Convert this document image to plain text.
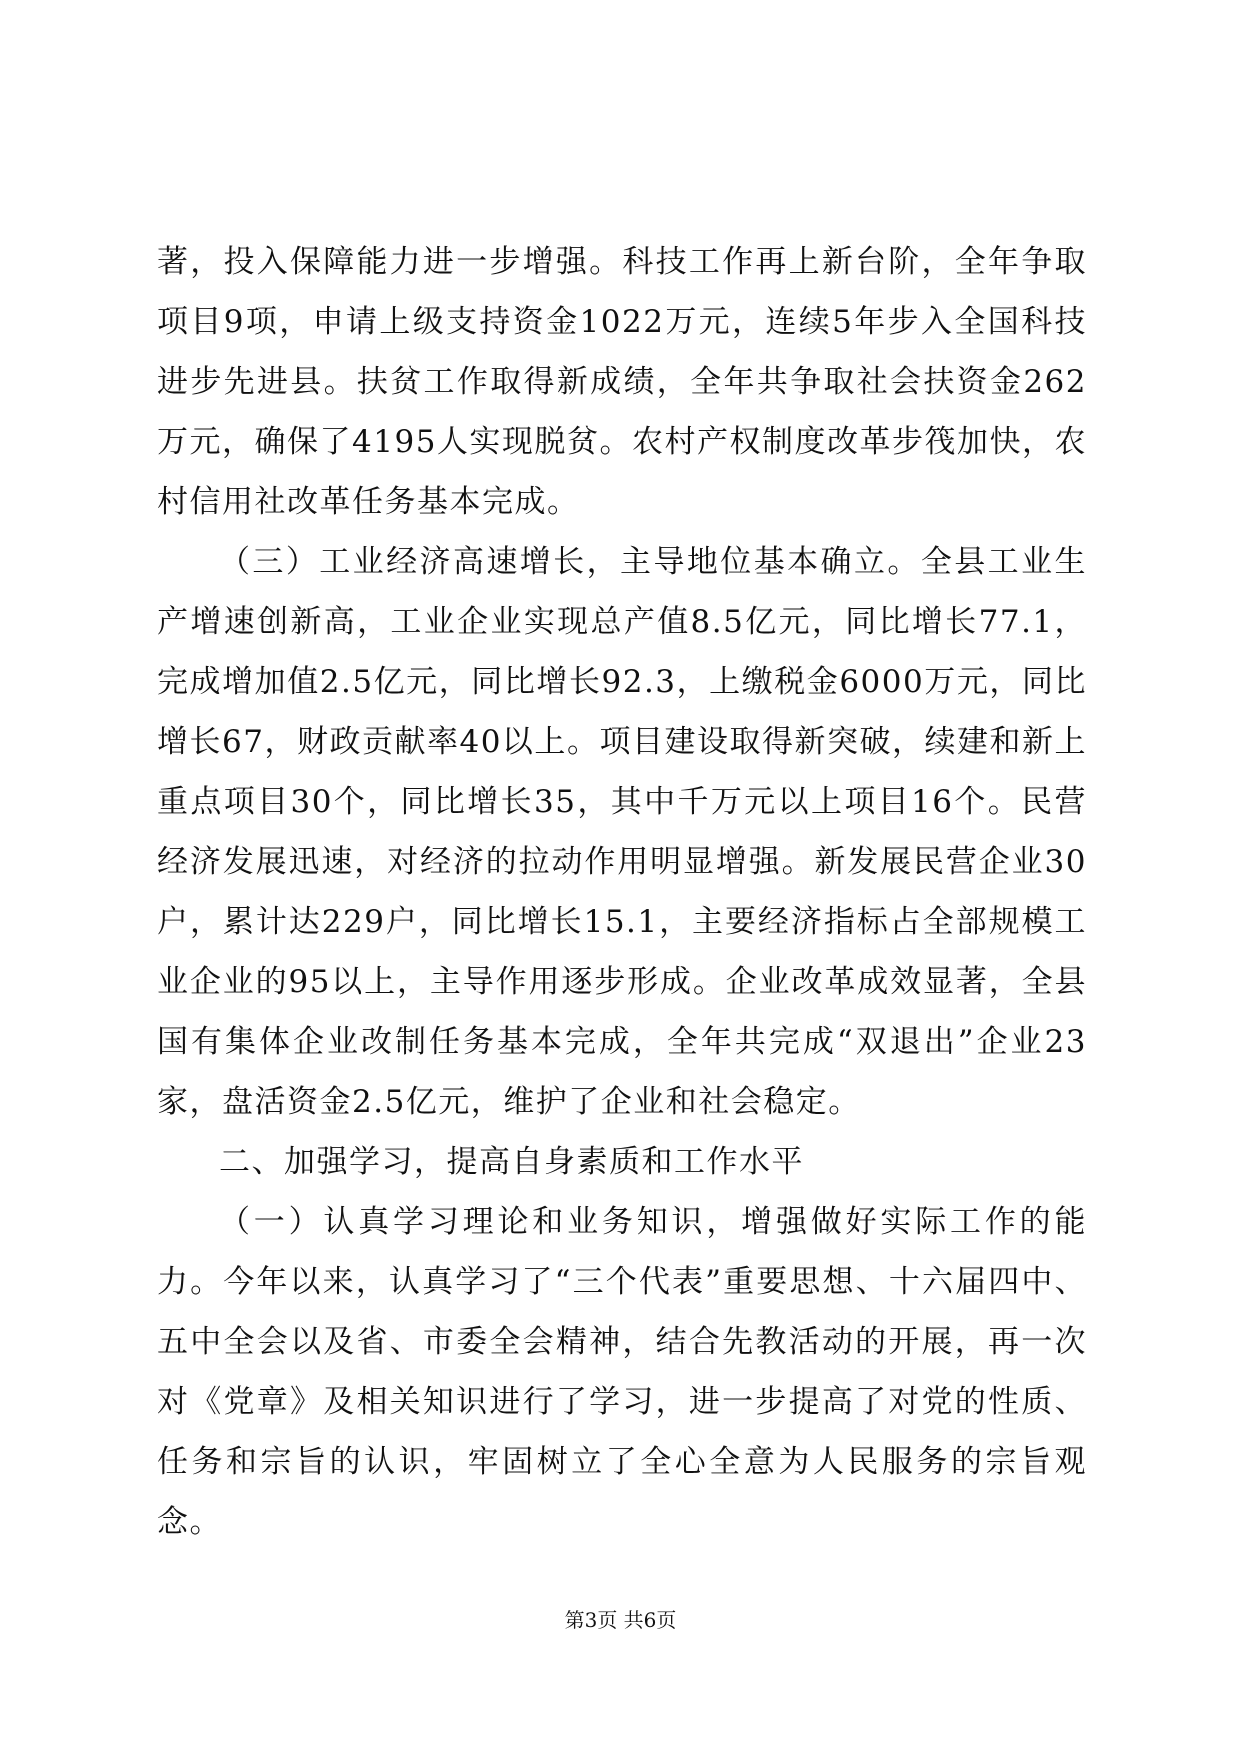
著，投入保障能力进一步增强。科技工作再上新台阶，全年争取项目9项，申请上级支持资金1022万元，连续5年步入全国科技进步先进县。扶贫工作取得新成绩，全年共争取社会扶资金262万元，确保了4195人实现脱贫。农村产权制度改革步筏加快，农村信用社改革任务基本完成。

（三）工业经济高速增长，主导地位基本确立。全县工业生产增速创新高，工业企业实现总产值8.5亿元，同比增长77.1，完成增加值2.5亿元，同比增长92.3，上缴税金6000万元，同比增长67，财政贡献率40以上。项目建设取得新突破，续建和新上重点项目30个，同比增长35，其中千万元以上项目16个。民营经济发展迅速，对经济的拉动作用明显增强。新发展民营企业30户，累计达229户，同比增长15.1，主要经济指标占全部规模工业企业的95以上，主导作用逐步形成。企业改革成效显著，全县国有集体企业改制任务基本完成，全年共完成“双退出”企业23家，盘活资金2.5亿元，维护了企业和社会稳定。

二、加强学习，提高自身素质和工作水平

（一）认真学习理论和业务知识，增强做好实际工作的能力。今年以来，认真学习了“三个代表”重要思想、十六届四中、五中全会以及省、市委全会精神，结合先教活动的开展，再一次对《党章》及相关知识进行了学习，进一步提高了对党的性质、任务和宗旨的认识，牢固树立了全心全意为人民服务的宗旨观念。

第3页 共6页
